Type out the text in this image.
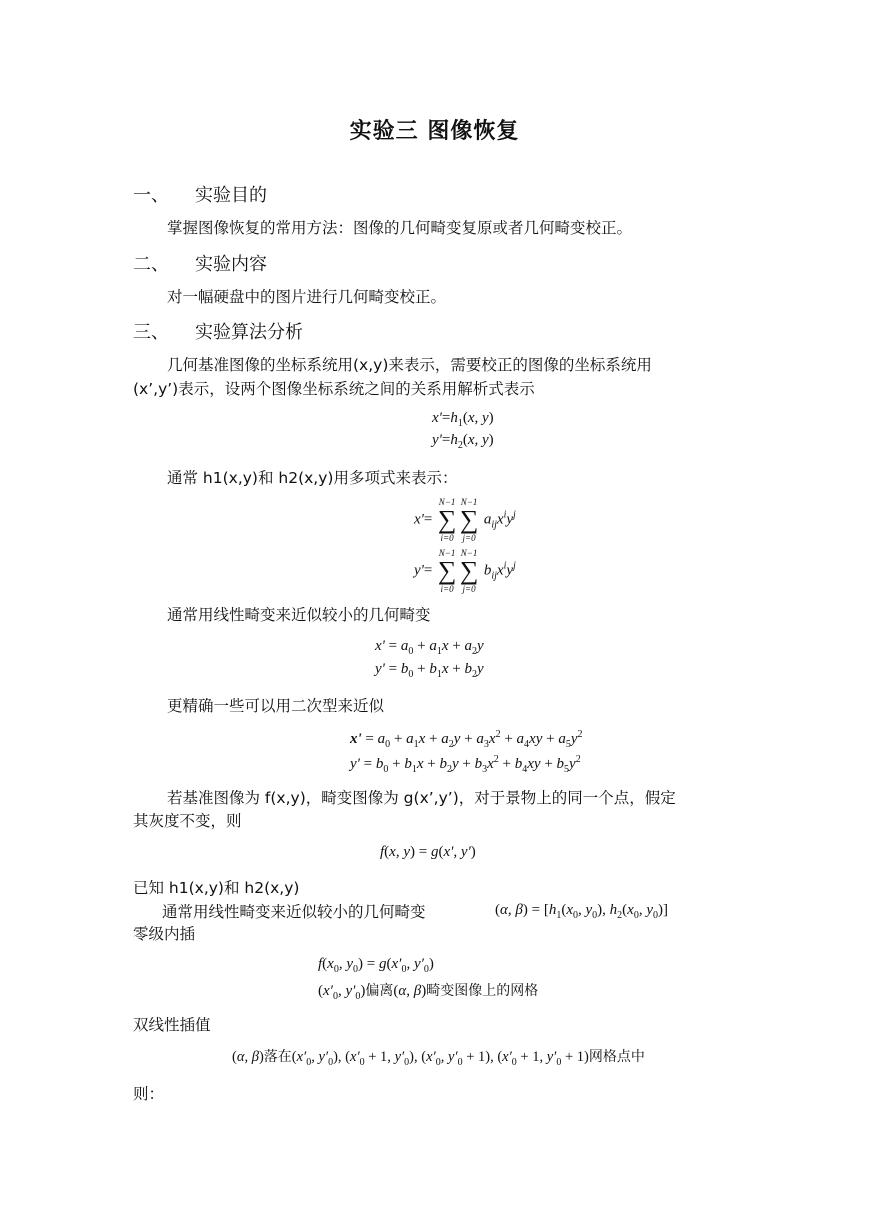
实验三 图像恢复
一、 实验目的
掌握图像恢复的常用方法：图像的几何畸变复原或者几何畸变校正。
二、 实验内容
对一幅硬盘中的图片进行几何畸变校正。
三、 实验算法分析
几何基准图像的坐标系统用(x,y)来表示，需要校正的图像的坐标系统用
(x’,y’)表示，设两个图像坐标系统之间的关系用解析式表示
$x'=h_1(x$, y)
$y'=h_2(x$, y)
通常 h1(x,y)和 h2(x,y)用多项式来表示：
x'=
N−1
∑
i=0
N−1
∑
j=0
$a_{ij}x^iy^j$
y'=
N−1
∑
i=0
N−1
∑
j=0
$b_{ij}x^iy^j$
通常用线性畸变来近似较小的几何畸变
$x' = a_0 + a_1x + a_2y$
$y' = b_0 + b_1x + b_2y$
更精确一些可以用二次型来近似
$x' = a_0 + a_1x + a_2y + a_3x^2 + a_4xy + a_5y^2$
$y' = b_0 + b_1x + b_2y + b_3x^2 + b_4xy + b_5y^2$
若基准图像为 f(x,y)，畸变图像为 g(x’,y’)，对于景物上的同一个点，假定
其灰度不变，则
f(x, y) = g(x', y')
已知 h1(x,y)和 h2(x,y)
通常用线性畸变来近似较小的几何畸变	(α, $\beta) = [h_1(x_0$, $y_0$), $h_2(x_0$, $y_0$)]
零级内插
$f(x_0$, $y_0) = g(x'_0$, $y'_0$)
($x'_0$, $y'_0$)偏离(α, β)畸变图像上的网格
双线性插值
(α, β)落在($x'_0$, $y'_0$), ($x'_0 + 1$, $y'_0$), ($x'_0$, $y'_0 + 1$), ($x'_0 + 1$, $y'_0 + 1$)网格点中
则：
